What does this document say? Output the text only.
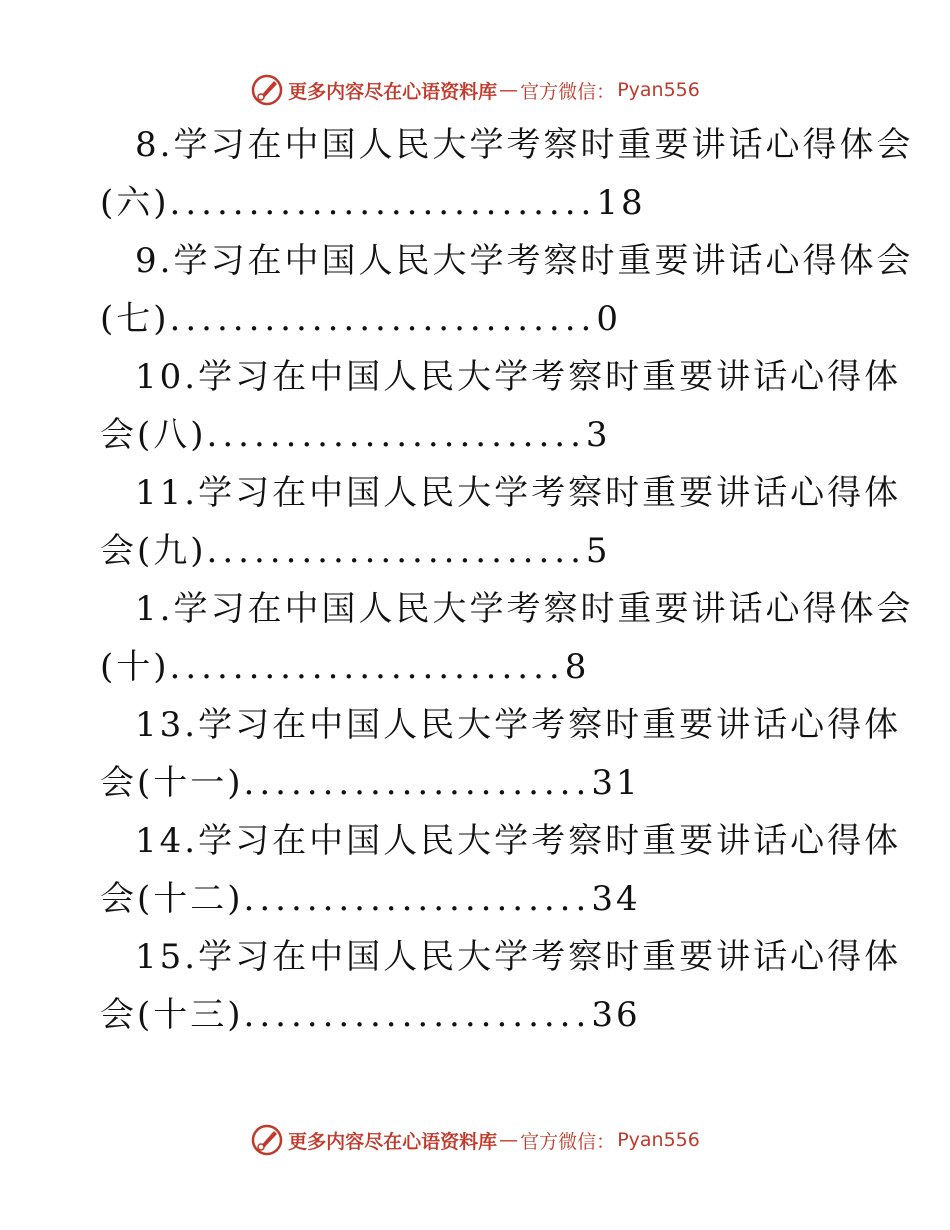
更多内容尽在心语资料库 — 官方微信： Pyan556
8.学习在中国人民大学考察时重要讲话心得体会
(六)...........................18
9.学习在中国人民大学考察时重要讲话心得体会
(七)...........................0
10.学习在中国人民大学考察时重要讲话心得体
会(八)........................3
11.学习在中国人民大学考察时重要讲话心得体
会(九)........................5
1.学习在中国人民大学考察时重要讲话心得体会
(十).........................8
13.学习在中国人民大学考察时重要讲话心得体
会(十一)......................31
14.学习在中国人民大学考察时重要讲话心得体
会(十二)......................34
15.学习在中国人民大学考察时重要讲话心得体
会(十三)......................36
更多内容尽在心语资料库 — 官方微信： Pyan556
